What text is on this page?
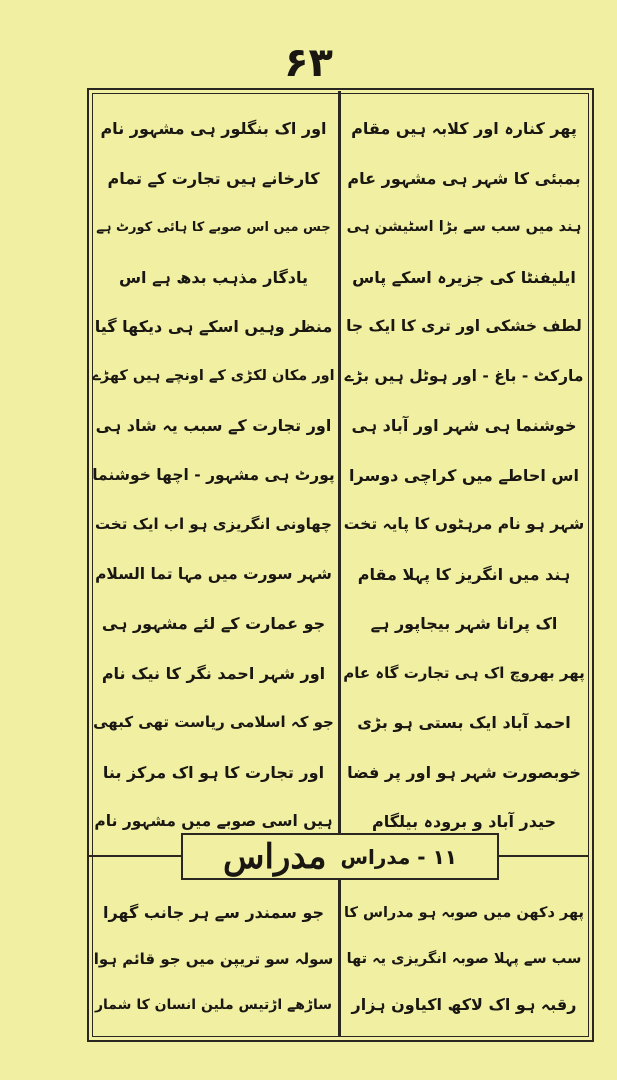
۶۳
۱۱ - مدراس
مدراس
پھر کنارہ اور کلابہ ہیں مقام
بمبئی کا شہر ہی مشہور عام
ہند میں سب سے بڑا اسٹیشن ہی
ایلیفنٹا کی جزیرہ اسکے پاس
لطف خشکی اور تری کا ایک جا
مارکٹ - باغ - اور ہوٹل ہیں بڑے
خوشنما ہی شہر اور آباد ہی
اس احاطے میں کراچی دوسرا
شہر ہو نام مرہٹوں کا پایہ تخت
ہند میں انگریز کا پہلا مقام
اک پرانا شہر بیجاپور ہے
پھر بھروچ اک ہی تجارت گاہ عام
احمد آباد ایک بستی ہو بڑی
خوبصورت شہر ہو اور پر فضا
حیدر آباد و برودہ بیلگام
اور اک بنگلور ہی مشہور نام
کارخانے ہیں تجارت کے تمام
جس میں اس صوبے کا ہائی کورٹ ہے
یادگار مذہب بدھ ہے اس
منظر وہیں اسکے ہی دیکھا گیا
اور مکان لکڑی کے اونچے ہیں کھڑے
اور تجارت کے سبب یہ شاد ہی
پورٹ ہی مشہور - اچھا خوشنما
چھاونی انگریزی ہو اب ایک تخت
شہر سورت میں مہا تما السلام
جو عمارت کے لئے مشہور ہی
اور شہر احمد نگر کا نیک نام
جو کہ اسلامی ریاست تھی کبھی
اور تجارت کا ہو اک مرکز بنا
ہیں اسی صوبے میں مشہور نام
پھر دکھن میں صوبہ ہو مدراس کا
سب سے پہلا صوبہ انگریزی یہ تھا
رقبہ ہو اک لاکھ اکیاون ہزار
جو سمندر سے ہر جانب گھرا
سولہ سو تریپن میں جو قائم ہوا
ساڑھے اڑتیس ملین انسان کا شمار
